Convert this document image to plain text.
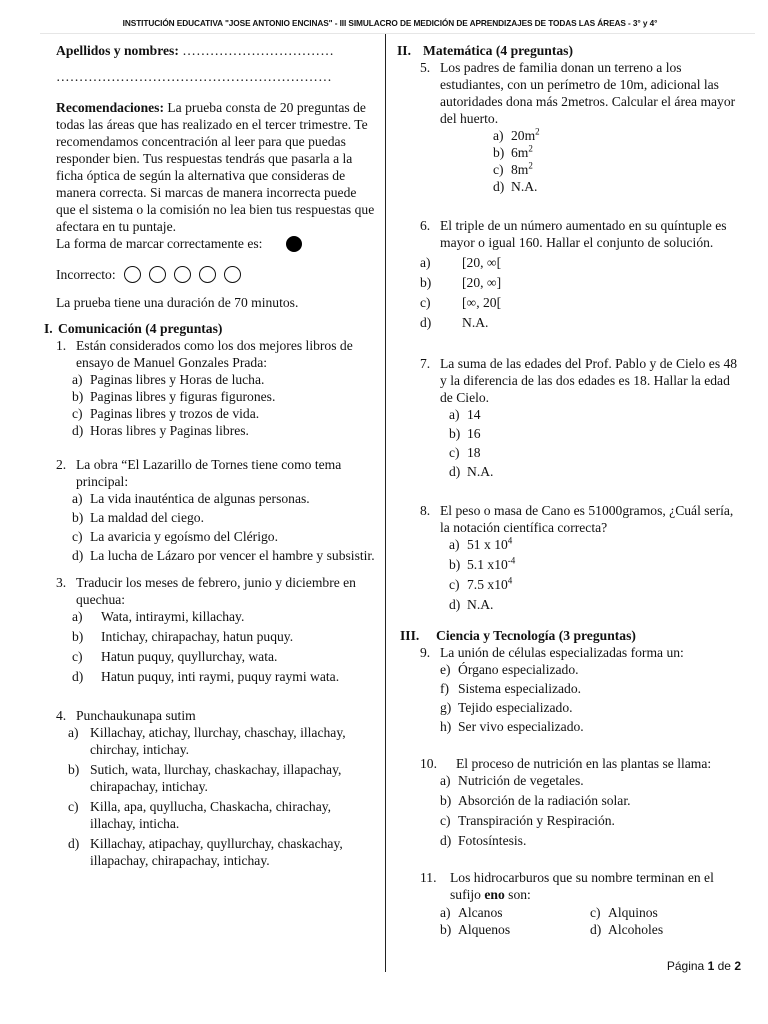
INSTITUCIÓN EDUCATIVA "JOSE ANTONIO ENCINAS" - III SIMULACRO DE MEDICIÓN DE APRENDIZAJES DE TODAS LAS ÁREAS - 3° y 4°

Apellidos y nombres: ……………………………

……………………………………………………

Recomendaciones: La prueba consta de 20 preguntas de todas las áreas que has realizado en el tercer trimestre. Te recomendamos concentración al leer para que puedas responder bien. Tus respuestas tendrás que pasarla a la ficha óptica de según la alternativa que consideras de manera correcta. Si marcas de manera incorrecta puede que el sistema o la comisión no lea bien tus respuestas que afectara en tu puntaje.

La forma de marcar correctamente es:
Incorrecto:

La prueba tiene una duración de 70 minutos.

I. Comunicación (4 preguntas)
1. Están considerados como los dos mejores libros de ensayo de Manuel Gonzales Prada:
a) Paginas libres y Horas de lucha.
b) Paginas libres y figuras figurones.
c) Paginas libres y trozos de vida.
d) Horas libres y Paginas libres.
2. La obra “El Lazarillo de Tornes tiene como tema principal:
a) La vida inauténtica de algunas personas.
b) La maldad del ciego.
c) La avaricia y egoísmo del Clérigo.
d) La lucha de Lázaro por vencer el hambre y subsistir.
3. Traducir los meses de febrero, junio y diciembre en quechua:
a)	Wata, intiraymi, killachay.
b)	Intichay, chirapachay, hatun puquy.
c)	Hatun puquy, quyllurchay, wata.
d)	Hatun puquy, inti raymi, puquy raymi wata.
4. Punchaukunapa sutim
a) Killachay, atichay, llurchay, chaschay, illachay, chirchay, intichay.
b) Sutich, wata, llurchay, chaskachay, illapachay, chirapachay, intichay.
c) Killa, apa, quyllucha, Chaskacha, chirachay, illachay, inticha.
d) Killachay, atipachay, quyllurchay, chaskachay, illapachay, chirapachay, intichay.
II. Matemática (4 preguntas)
5. Los padres de familia donan un terreno a los estudiantes, con un perímetro de 10m, adicional las autoridades dona más 2metros. Calcular el área mayor del huerto.
a) $20m^2$
b) $6m^2$
c) $8m^2$
d) N.A.
6. El triple de un número aumentado en su quíntuple es mayor o igual 160. Hallar el conjunto de solución.
a)	[20, ∞[
b)	[20, ∞]
c)	[∞, 20[
d)	N.A.
7. La suma de las edades del Prof. Pablo y de Cielo es 48 y la diferencia de las dos edades es 18. Hallar la edad de Cielo.
a) 14
b) 16
c) 18
d) N.A.
8. El peso o masa de Cano es 51000gramos, ¿Cuál sería, la notación científica correcta?
a) 51 x $10^4$
b) 5.1 $x10^{-4}$
c) 7.5 $x10^4$
d) N.A.
III.	Ciencia y Tecnología (3 preguntas)
9. La unión de células especializadas forma un:
e) Órgano especializado.
f) Sistema especializado.
g) Tejido especializado.
h) Ser vivo especializado.
10.	El proceso de nutrición en las plantas se llama:
a) Nutrición de vegetales.
b) Absorción de la radiación solar.
c) Transpiración y Respiración.
d) Fotosíntesis.
11. Los hidrocarburos que su nombre terminan en el sufijo eno son:
a) Alcanos	c) Alquinos
b) Alquenos	d) Alcoholes
Página 1 de 2
